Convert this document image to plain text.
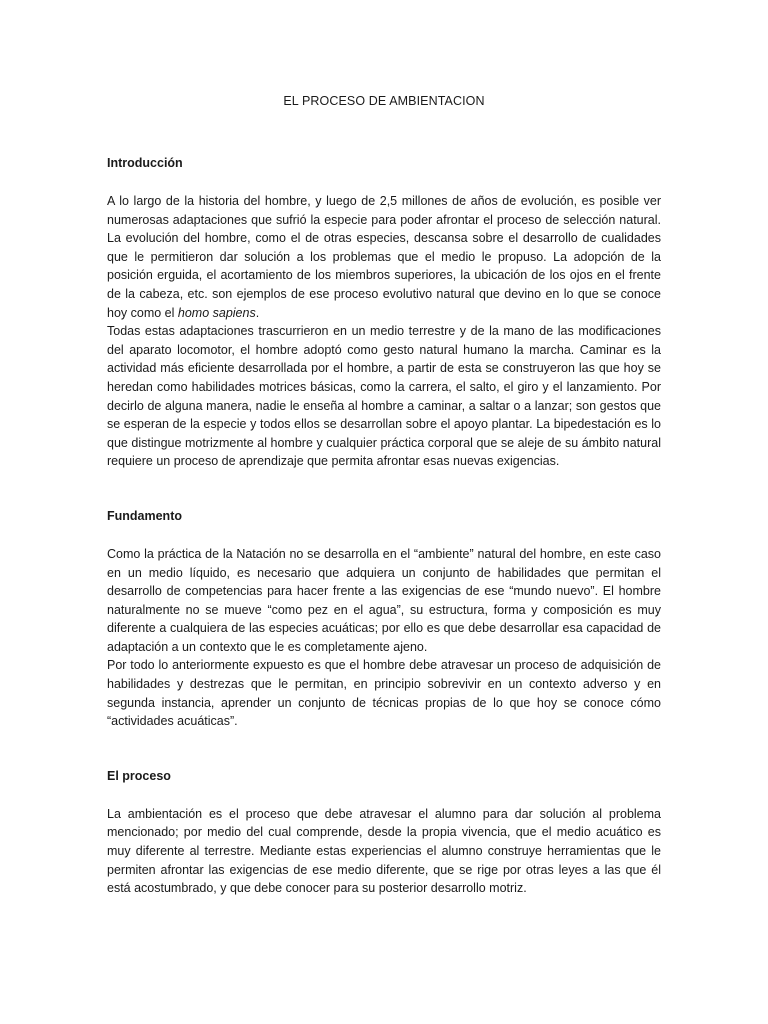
EL PROCESO DE AMBIENTACION
Introducción

A lo largo de la historia del hombre, y luego de 2,5 millones de años de evolución, es posible ver numerosas adaptaciones que sufrió la especie para poder afrontar el proceso de selección natural. La evolución del hombre, como el de otras especies, descansa sobre el desarrollo de cualidades que le permitieron dar solución a los problemas que el medio le propuso. La adopción de la posición erguida, el acortamiento de los miembros superiores, la ubicación de los ojos en el frente de la cabeza, etc. son ejemplos de ese proceso evolutivo natural que devino en lo que se conoce hoy como el homo sapiens.

Todas estas adaptaciones trascurrieron en un medio terrestre y de la mano de las modificaciones del aparato locomotor, el hombre adoptó como gesto natural humano la marcha. Caminar es la actividad más eficiente desarrollada por el hombre, a partir de esta se construyeron las que hoy se heredan como habilidades motrices básicas, como la carrera, el salto, el giro y el lanzamiento. Por decirlo de alguna manera, nadie le enseña al hombre a caminar, a saltar o a lanzar; son gestos que se esperan de la especie y todos ellos se desarrollan sobre el apoyo plantar. La bipedestación es lo que distingue motrizmente al hombre y cualquier práctica corporal que se aleje de su ámbito natural requiere un proceso de aprendizaje que permita afrontar esas nuevas exigencias.

Fundamento

Como la práctica de la Natación no se desarrolla en el “ambiente” natural del hombre, en este caso en un medio líquido, es necesario que adquiera un conjunto de habilidades que permitan el desarrollo de competencias para hacer frente a las exigencias de ese “mundo nuevo”. El hombre naturalmente no se mueve “como pez en el agua”, su estructura, forma y composición es muy diferente a cualquiera de las especies acuáticas; por ello es que debe desarrollar esa capacidad de adaptación a un contexto que le es completamente ajeno.

Por todo lo anteriormente expuesto es que el hombre debe atravesar un proceso de adquisición de habilidades y destrezas que le permitan, en principio sobrevivir en un contexto adverso y en segunda instancia, aprender un conjunto de técnicas propias de lo que hoy se conoce cómo “actividades acuáticas”.

El proceso

La ambientación es el proceso que debe atravesar el alumno para dar solución al problema mencionado; por medio del cual comprende, desde la propia vivencia, que el medio acuático es muy diferente al terrestre. Mediante estas experiencias el alumno construye herramientas que le permiten afrontar las exigencias de ese medio diferente, que se rige por otras leyes a las que él está acostumbrado, y que debe conocer para su posterior desarrollo motriz.
